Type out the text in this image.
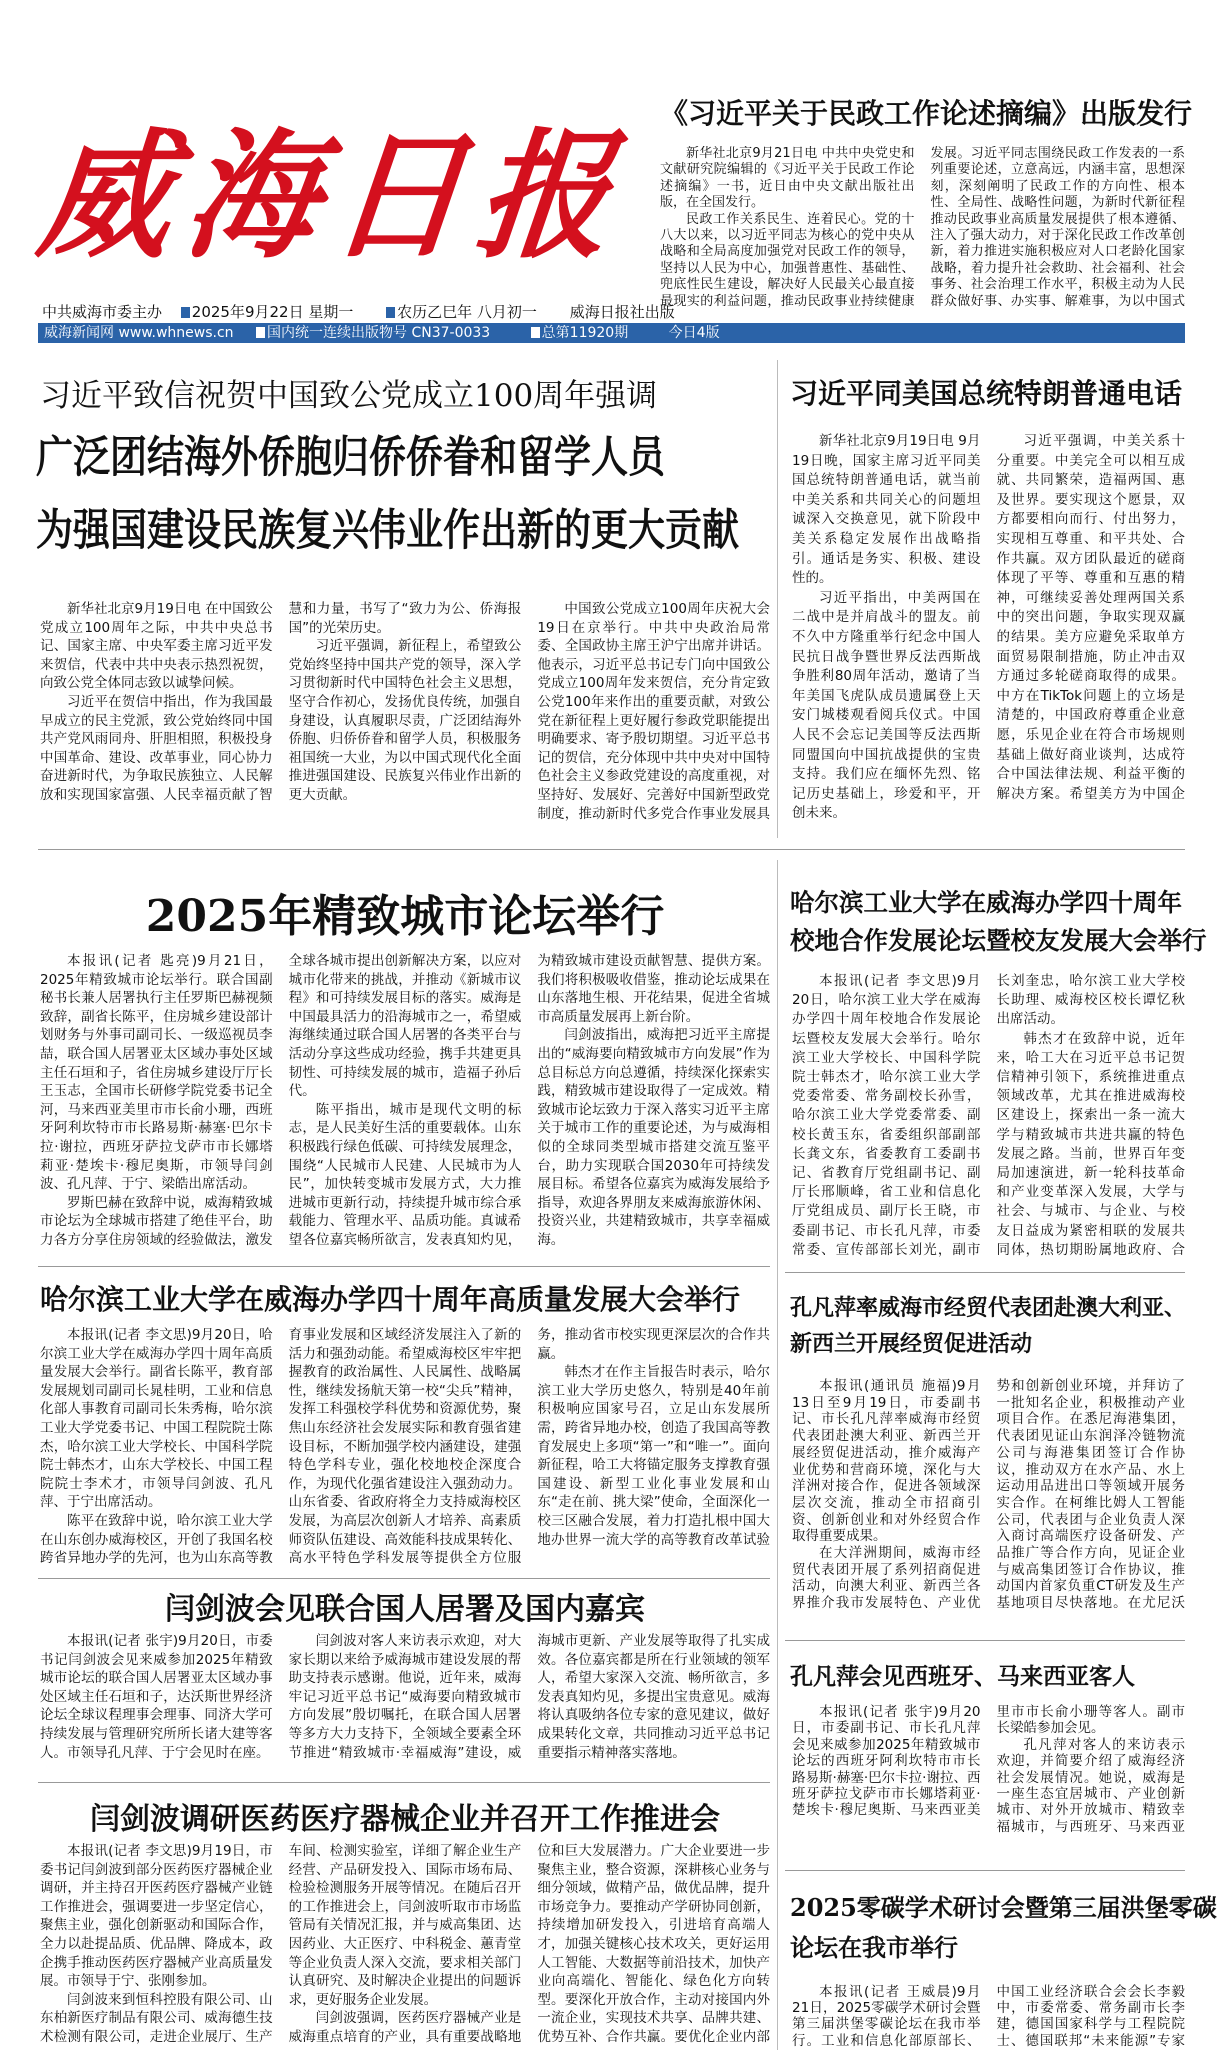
威海日报
中共威海市委主办 2025年9月22日 星期一	农历乙巳年 八月初一 威海日报社出版
威海新闻网 www.whnews.cn 国内统一连续出版物号 CN37-0033	总第11920期	今日4版
《习近平关于民政工作论述摘编》出版发行

新华社北京9月21日电 中共中央党史和文献研究院编辑的《习近平关于民政工作论述摘编》一书，近日由中央文献出版社出版，在全国发行。

民政工作关系民生、连着民心。党的十八大以来，以习近平同志为核心的党中央从战略和全局高度加强党对民政工作的领导，坚持以人民为中心，加强普惠性、基础性、兜底性民生建设，解决好人民最关心最直接最现实的利益问题，推动民政事业持续健康发展。习近平同志围绕民政工作发表的一系列重要论述，立意高远，内涵丰富，思想深刻，深刻阐明了民政工作的方向性、根本性、全局性、战略性问题，为新时代新征程推动民政事业高质量发展提供了根本遵循、注入了强大动力，对于深化民政工作改革创新，着力推进实施积极应对人口老龄化国家战略，着力提升社会救助、社会福利、社会事务、社会治理工作水平，积极主动为人民群众做好事、办实事、解难事，为以中国式

习近平致信祝贺中国致公党成立100周年强调
广泛团结海外侨胞归侨侨眷和留学人员
为强国建设民族复兴伟业作出新的更大贡献

新华社北京9月19日电 在中国致公党成立100周年之际，中共中央总书记、国家主席、中央军委主席习近平发来贺信，代表中共中央表示热烈祝贺，向致公党全体同志致以诚挚问候。

习近平在贺信中指出，作为我国最早成立的民主党派，致公党始终同中国共产党风雨同舟、肝胆相照，积极投身中国革命、建设、改革事业，同心协力奋进新时代，为争取民族独立、人民解放和实现国家富强、人民幸福贡献了智慧和力量，书写了“致力为公、侨海报国”的光荣历史。

习近平强调，新征程上，希望致公党始终坚持中国共产党的领导，深入学习贯彻新时代中国特色社会主义思想，坚守合作初心，发扬优良传统，加强自身建设，认真履职尽责，广泛团结海外侨胞、归侨侨眷和留学人员，积极服务祖国统一大业，为以中国式现代化全面推进强国建设、民族复兴伟业作出新的更大贡献。

中国致公党成立100周年庆祝大会19日在京举行。中共中央政治局常委、全国政协主席王沪宁出席并讲话。他表示，习近平总书记专门向中国致公党成立100周年发来贺信，充分肯定致公党100年来作出的重要贡献，对致公党在新征程上更好履行参政党职能提出明确要求、寄予殷切期望。习近平总书记的贺信，充分体现中共中央对中国特色社会主义参政党建设的高度重视，对坚持好、发展好、完善好中国新型政党制度，推动新时代多党合作事业发展具

习近平同美国总统特朗普通电话

新华社北京9月19日电 9月19日晚，国家主席习近平同美国总统特朗普通电话，就当前中美关系和共同关心的问题坦诚深入交换意见，就下阶段中美关系稳定发展作出战略指引。通话是务实、积极、建设性的。

习近平指出，中美两国在二战中是并肩战斗的盟友。前不久中方隆重举行纪念中国人民抗日战争暨世界反法西斯战争胜利80周年活动，邀请了当年美国飞虎队成员遗属登上天安门城楼观看阅兵仪式。中国人民不会忘记美国等反法西斯同盟国向中国抗战提供的宝贵支持。我们应在缅怀先烈、铭记历史基础上，珍爱和平，开创未来。

习近平强调，中美关系十分重要。中美完全可以相互成就、共同繁荣，造福两国、惠及世界。要实现这个愿景，双方都要相向而行、付出努力，实现相互尊重、和平共处、合作共赢。双方团队最近的磋商体现了平等、尊重和互惠的精神，可继续妥善处理两国关系中的突出问题，争取实现双赢的结果。美方应避免采取单方面贸易限制措施，防止冲击双方通过多轮磋商取得的成果。中方在TikTok问题上的立场是清楚的，中国政府尊重企业意愿，乐见企业在符合市场规则基础上做好商业谈判，达成符合中国法律法规、利益平衡的解决方案。希望美方为中国企

2025年精致城市论坛举行

本报讯(记者 匙亮)9月21日，2025年精致城市论坛举行。联合国副秘书长兼人居署执行主任罗斯巴赫视频致辞，副省长陈平，住房城乡建设部计划财务与外事司副司长、一级巡视员李喆，联合国人居署亚太区域办事处区域主任石垣和子，省住房城乡建设厅厅长王玉志，全国市长研修学院党委书记全河，马来西亚美里市市长俞小珊，西班牙阿利坎特市市长路易斯·赫塞·巴尔卡拉·谢拉，西班牙萨拉戈萨市市长娜塔莉亚·楚埃卡·穆尼奥斯，市领导闫剑波、孔凡萍、于宁、梁皓出席活动。

罗斯巴赫在致辞中说，威海精致城市论坛为全球城市搭建了绝佳平台，助力各方分享住房领域的经验做法，激发全球各城市提出创新解决方案，以应对城市化带来的挑战，并推动《新城市议程》和可持续发展目标的落实。威海是中国最具活力的沿海城市之一，希望威海继续通过联合国人居署的各类平台与活动分享这些成功经验，携手共建更具韧性、可持续发展的城市，造福子孙后代。

陈平指出，城市是现代文明的标志，是人民美好生活的重要载体。山东积极践行绿色低碳、可持续发展理念，围绕“人民城市人民建、人民城市为人民”，加快转变城市发展方式，大力推进城市更新行动，持续提升城市综合承载能力、管理水平、品质功能。真诚希望各位嘉宾畅所欲言，发表真知灼见，为精致城市建设贡献智慧、提供方案。我们将积极吸收借鉴，推动论坛成果在山东落地生根、开花结果，促进全省城市高质量发展再上新台阶。

闫剑波指出，威海把习近平主席提出的“威海要向精致城市方向发展”作为总目标总方向总遵循，持续深化探索实践，精致城市建设取得了一定成效。精致城市论坛致力于深入落实习近平主席关于城市工作的重要论述，为与威海相似的全球同类型城市搭建交流互鉴平台，助力实现联合国2030年可持续发展目标。希望各位嘉宾为威海发展给予指导，欢迎各界朋友来威海旅游休闲、投资兴业，共建精致城市，共享幸福威海。

哈尔滨工业大学在威海办学四十周年
校地合作发展论坛暨校友发展大会举行

本报讯(记者 李文思)9月20日，哈尔滨工业大学在威海办学四十周年校地合作发展论坛暨校友发展大会举行。哈尔滨工业大学校长、中国科学院院士韩杰才，哈尔滨工业大学党委常委、常务副校长孙雪，哈尔滨工业大学党委常委、副校长黄玉东，省委组织部副部长龚文东，省委教育工委副书记、省教育厅党组副书记、副厅长邢顺峰，省工业和信息化厅党组成员、副厅长王晓，市委副书记、市长孔凡萍，市委常委、宣传部部长刘光，副市长刘奎忠，哈尔滨工业大学校长助理、威海校区校长谭忆秋出席活动。

韩杰才在致辞中说，近年来，哈工大在习近平总书记贺信精神引领下，系统推进重点领域改革，尤其在推进威海校区建设上，探索出一条一流大学与精致城市共进共赢的特色发展之路。当前，世界百年变局加速演进，新一轮科技革命和产业变革深入发展，大学与社会、与城市、与企业、与校友日益成为紧密相联的发展共同体，热切期盼属地政府、合

哈尔滨工业大学在威海办学四十周年高质量发展大会举行

本报讯(记者 李文思)9月20日，哈尔滨工业大学在威海办学四十周年高质量发展大会举行。副省长陈平，教育部发展规划司副司长晁桂明，工业和信息化部人事教育司副司长朱秀梅，哈尔滨工业大学党委书记、中国工程院院士陈杰，哈尔滨工业大学校长、中国科学院院士韩杰才，山东大学校长、中国工程院院士李术才，市领导闫剑波、孔凡萍、于宁出席活动。

陈平在致辞中说，哈尔滨工业大学在山东创办威海校区，开创了我国名校跨省异地办学的先河，也为山东高等教育事业发展和区域经济发展注入了新的活力和强劲动能。希望威海校区牢牢把握教育的政治属性、人民属性、战略属性，继续发扬航天第一校“尖兵”精神，发挥工科强校学科优势和资源优势，聚焦山东经济社会发展实际和教育强省建设目标，不断加强学校内涵建设，建强特色学科专业，强化校地校企深度合作，为现代化强省建设注入强劲动力。山东省委、省政府将全力支持威海校区发展，为高层次创新人才培养、高素质师资队伍建设、高效能科技成果转化、高水平特色学科发展等提供全方位服务，推动省市校实现更深层次的合作共赢。

韩杰才在作主旨报告时表示，哈尔滨工业大学历史悠久，特别是40年前积极响应国家号召，立足山东发展所需，跨省异地办校，创造了我国高等教育发展史上多项“第一”和“唯一”。面向新征程，哈工大将锚定服务支撑教育强国建设、新型工业化事业发展和山东“走在前、挑大梁”使命，全面深化一校三区融合发展，着力打造扎根中国大地办世界一流大学的高等教育改革试验

孔凡萍率威海市经贸代表团赴澳大利亚、
新西兰开展经贸促进活动

本报讯(通讯员 施福)9月13日至9月19日，市委副书记、市长孔凡萍率威海市经贸代表团赴澳大利亚、新西兰开展经贸促进活动，推介威海产业优势和营商环境，深化与大洋洲对接合作，促进各领域深层次交流，推动全市招商引资、创新创业和对外经贸合作取得重要成果。

在大洋洲期间，威海市经贸代表团开展了系列招商促进活动，向澳大利亚、新西兰各界推介我市发展特色、产业优势和创新创业环境，并拜访了一批知名企业，积极推动产业项目合作。在悉尼海港集团，代表团见证山东润泽冷链物流公司与海港集团签订合作协议，推动双方在水产品、水上运动用品进出口等领域开展务实合作。在柯维比姆人工智能公司，代表团与企业负责人深入商讨高端医疗设备研发、产品推广等合作方向，见证企业与威高集团签订合作协议，推动国内首家负重CT研发及生产基地项目尽快落地。在尤尼沃

闫剑波会见联合国人居署及国内嘉宾

本报讯(记者 张宇)9月20日，市委书记闫剑波会见来威参加2025年精致城市论坛的联合国人居署亚太区域办事处区域主任石垣和子，达沃斯世界经济论坛全球议程理事会理事、同济大学可持续发展与管理研究所所长诸大建等客人。市领导孔凡萍、于宁会见时在座。

闫剑波对客人来访表示欢迎，对大家长期以来给予威海城市建设发展的帮助支持表示感谢。他说，近年来，威海牢记习近平总书记“威海要向精致城市方向发展”殷切嘱托，在联合国人居署等多方大力支持下，全领域全要素全环节推进“精致城市·幸福威海”建设，威海城市更新、产业发展等取得了扎实成效。各位嘉宾都是所在行业领域的领军人，希望大家深入交流、畅所欲言，多发表真知灼见，多提出宝贵意见。威海将认真吸纳各位专家的意见建议，做好成果转化文章，共同推动习近平总书记重要指示精神落实落地。

孔凡萍会见西班牙、马来西亚客人

本报讯(记者 张宇)9月20日，市委副书记、市长孔凡萍会见来威参加2025年精致城市论坛的西班牙阿利坎特市市长路易斯·赫塞·巴尔卡拉·谢拉、西班牙萨拉戈萨市市长娜塔莉亚·楚埃卡·穆尼奥斯、马来西亚美里市市长俞小珊等客人。副市长梁皓参加会见。

孔凡萍对客人的来访表示欢迎，并简要介绍了威海经济社会发展情况。她说，威海是一座生态宜居城市、产业创新城市、对外开放城市、精致幸福城市，与西班牙、马来西亚

闫剑波调研医药医疗器械企业并召开工作推进会

本报讯(记者 李文思)9月19日，市委书记闫剑波到部分医药医疗器械企业调研，并主持召开医药医疗器械产业链工作推进会，强调要进一步坚定信心，聚焦主业，强化创新驱动和国际合作，全力以赴提品质、优品牌、降成本，政企携手推动医药医疗器械产业高质量发展。市领导于宁、张刚参加。

闫剑波来到恒科控股有限公司、山东柏新医疗制品有限公司、威海德生技术检测有限公司，走进企业展厅、生产车间、检测实验室，详细了解企业生产经营、产品研发投入、国际市场布局、检验检测服务开展等情况。在随后召开的工作推进会上，闫剑波听取市市场监管局有关情况汇报，并与威高集团、达因药业、大正医疗、中科税金、蕙青堂等企业负责人深入交流，要求相关部门认真研究、及时解决企业提出的问题诉求，更好服务企业发展。

闫剑波强调，医药医疗器械产业是威海重点培育的产业，具有重要战略地位和巨大发展潜力。广大企业要进一步聚焦主业，整合资源，深耕核心业务与细分领域，做精产品，做优品牌，提升市场竞争力。要推动产学研协同创新，持续增加研发投入，引进培育高端人才，加强关键核心技术攻关，更好运用人工智能、大数据等前沿技术，加快产业向高端化、智能化、绿色化方向转型。要深化开放合作，主动对接国内外一流企业，实现技术共享、品牌共建、优势互补、合作共赢。要优化企业内部

2025零碳学术研讨会暨第三届洪堡零碳
论坛在我市举行

本报讯(记者 王威晨)9月21日，2025零碳学术研讨会暨第三届洪堡零碳论坛在我市举行。工业和信息化部原部长、中国工业经济联合会会长李毅中，市委常委、常务副市长李建，德国国家科学与工程院院士、德国联邦“未来能源”专家
